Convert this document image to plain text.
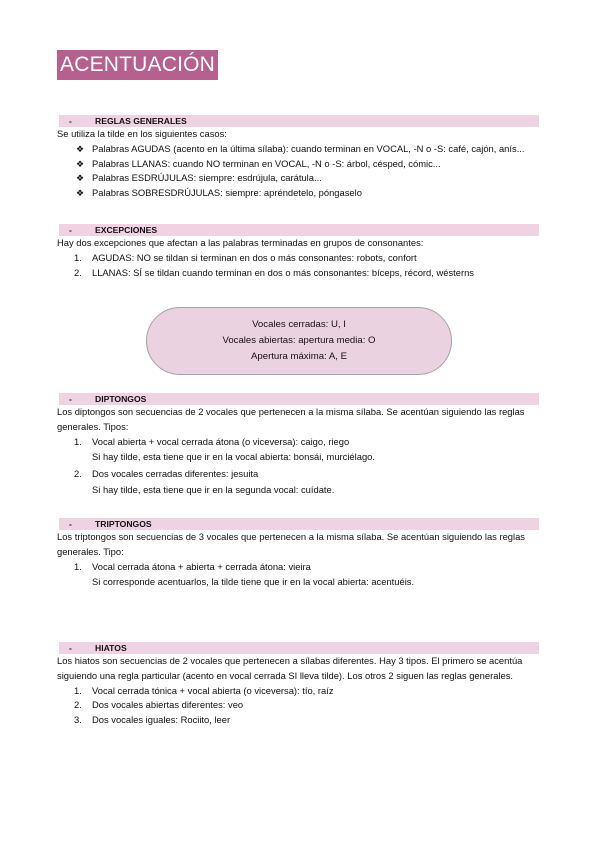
ACENTUACIÓN
-	REGLAS GENERALES

Se utiliza la tilde en los siguientes casos:

❖ Palabras AGUDAS (acento en la última sílaba): cuando terminan en VOCAL, -N o -S: café, cajón, anís...
❖ Palabras LLANAS: cuando NO terminan en VOCAL, -N o -S: árbol, césped, cómic...
❖ Palabras ESDRÚJULAS: siempre: esdrújula, carátula...
❖ Palabras SOBRESDRÚJULAS: siempre: apréndetelo, póngaselo
-	EXCEPCIONES

Hay dos excepciones que afectan a las palabras terminadas en grupos de consonantes:

1. AGUDAS: NO se tildan si terminan en dos o más consonantes: robots, confort
2. LLANAS: SÍ se tildan cuando terminan en dos o más consonantes: bíceps, récord, wésterns
Vocales cerradas: U, I
Vocales abiertas: apertura media: O
Apertura máxima: A, E
-	DIPTONGOS

Los diptongos son secuencias de 2 vocales que pertenecen a la misma sílaba. Se acentúan siguiendo las reglas generales. Tipos:

1. Vocal abierta + vocal cerrada átona (o viceversa): caigo, riego
Si hay tilde, esta tiene que ir en la vocal abierta: bonsái, murciélago.
2. Dos vocales cerradas diferentes: jesuita
Si hay tilde, esta tiene que ir en la segunda vocal: cuídate.
-	TRIPTONGOS

Los triptongos son secuencias de 3 vocales que pertenecen a la misma sílaba. Se acentúan siguiendo las reglas generales. Tipo:

1. Vocal cerrada átona + abierta + cerrada átona: vieira
Si corresponde acentuarlos, la tilde tiene que ir en la vocal abierta: acentuéis.
-	HIATOS

Los hiatos son secuencias de 2 vocales que pertenecen a sílabas diferentes. Hay 3 tipos. El primero se acentúa siguiendo una regla particular (acento en vocal cerrada SI lleva tilde). Los otros 2 siguen las reglas generales.

1. Vocal cerrada tónica + vocal abierta (o viceversa): tío, raíz
2. Dos vocales abiertas diferentes: veo
3. Dos vocales iguales: Rociito, leer
